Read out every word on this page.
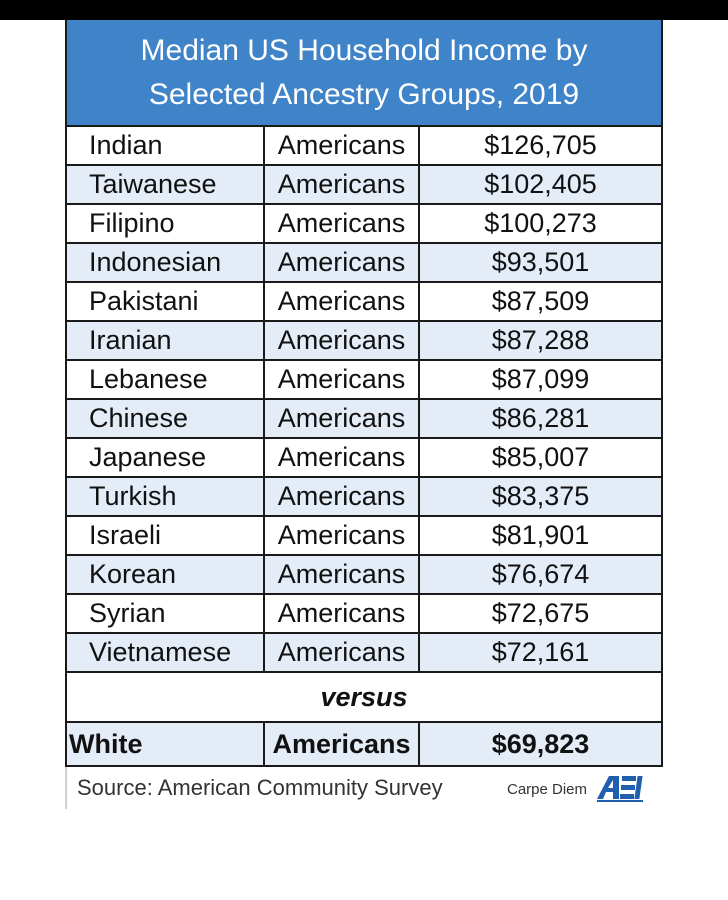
Median US Household Income by
Selected Ancestry Groups, 2019
Indian	Americans	$126,705
Taiwanese	Americans	$102,405
Filipino	Americans	$100,273
Indonesian	Americans	$93,501
Pakistani	Americans	$87,509
Iranian	Americans	$87,288
Lebanese	Americans	$87,099
Chinese	Americans	$86,281
Japanese	Americans	$85,007
Turkish	Americans	$83,375
Israeli	Americans	$81,901
Korean	Americans	$76,674
Syrian	Americans	$72,675
Vietnamese	Americans	$72,161
versus		
White	Americans	$69,823
Source: American Community Survey	Carpe Diem
